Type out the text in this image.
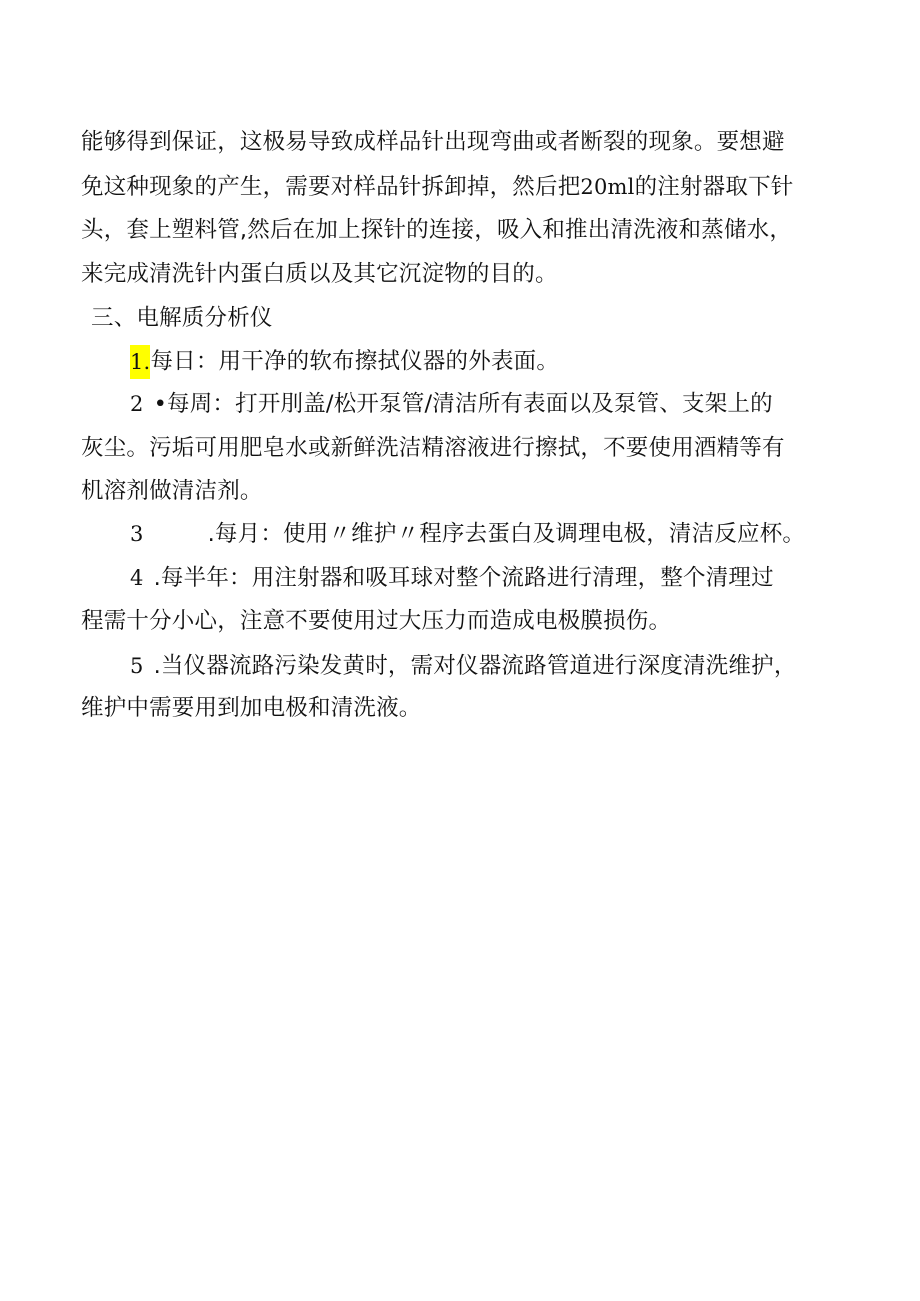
能够得到保证，这极易导致成样品针出现弯曲或者断裂的现象。要想避
免这种现象的产生，需要对样品针拆卸掉，然后把20ml的注射器取下针
头，套上塑料管,然后在加上探针的连接，吸入和推出清洗液和蒸储水，
来完成清洗针内蛋白质以及其它沉淀物的目的。
三、电解质分析仪
1.每日：用干净的软布擦拭仪器的外表面。
2 •每周：打开刖盖/松开泵管/清洁所有表面以及泵管、支架上的
灰尘。污垢可用肥皂水或新鲜洗洁精溶液进行擦拭，不要使用酒精等有
机溶剂做清洁剂。
3	.每月：使用〃维护〃程序去蛋白及调理电极，清洁反应杯。
4 .每半年：用注射器和吸耳球对整个流路进行清理，整个清理过
程需十分小心，注意不要使用过大压力而造成电极膜损伤。
5 .当仪器流路污染发黄时，需对仪器流路管道进行深度清洗维护，
维护中需要用到加电极和清洗液。
